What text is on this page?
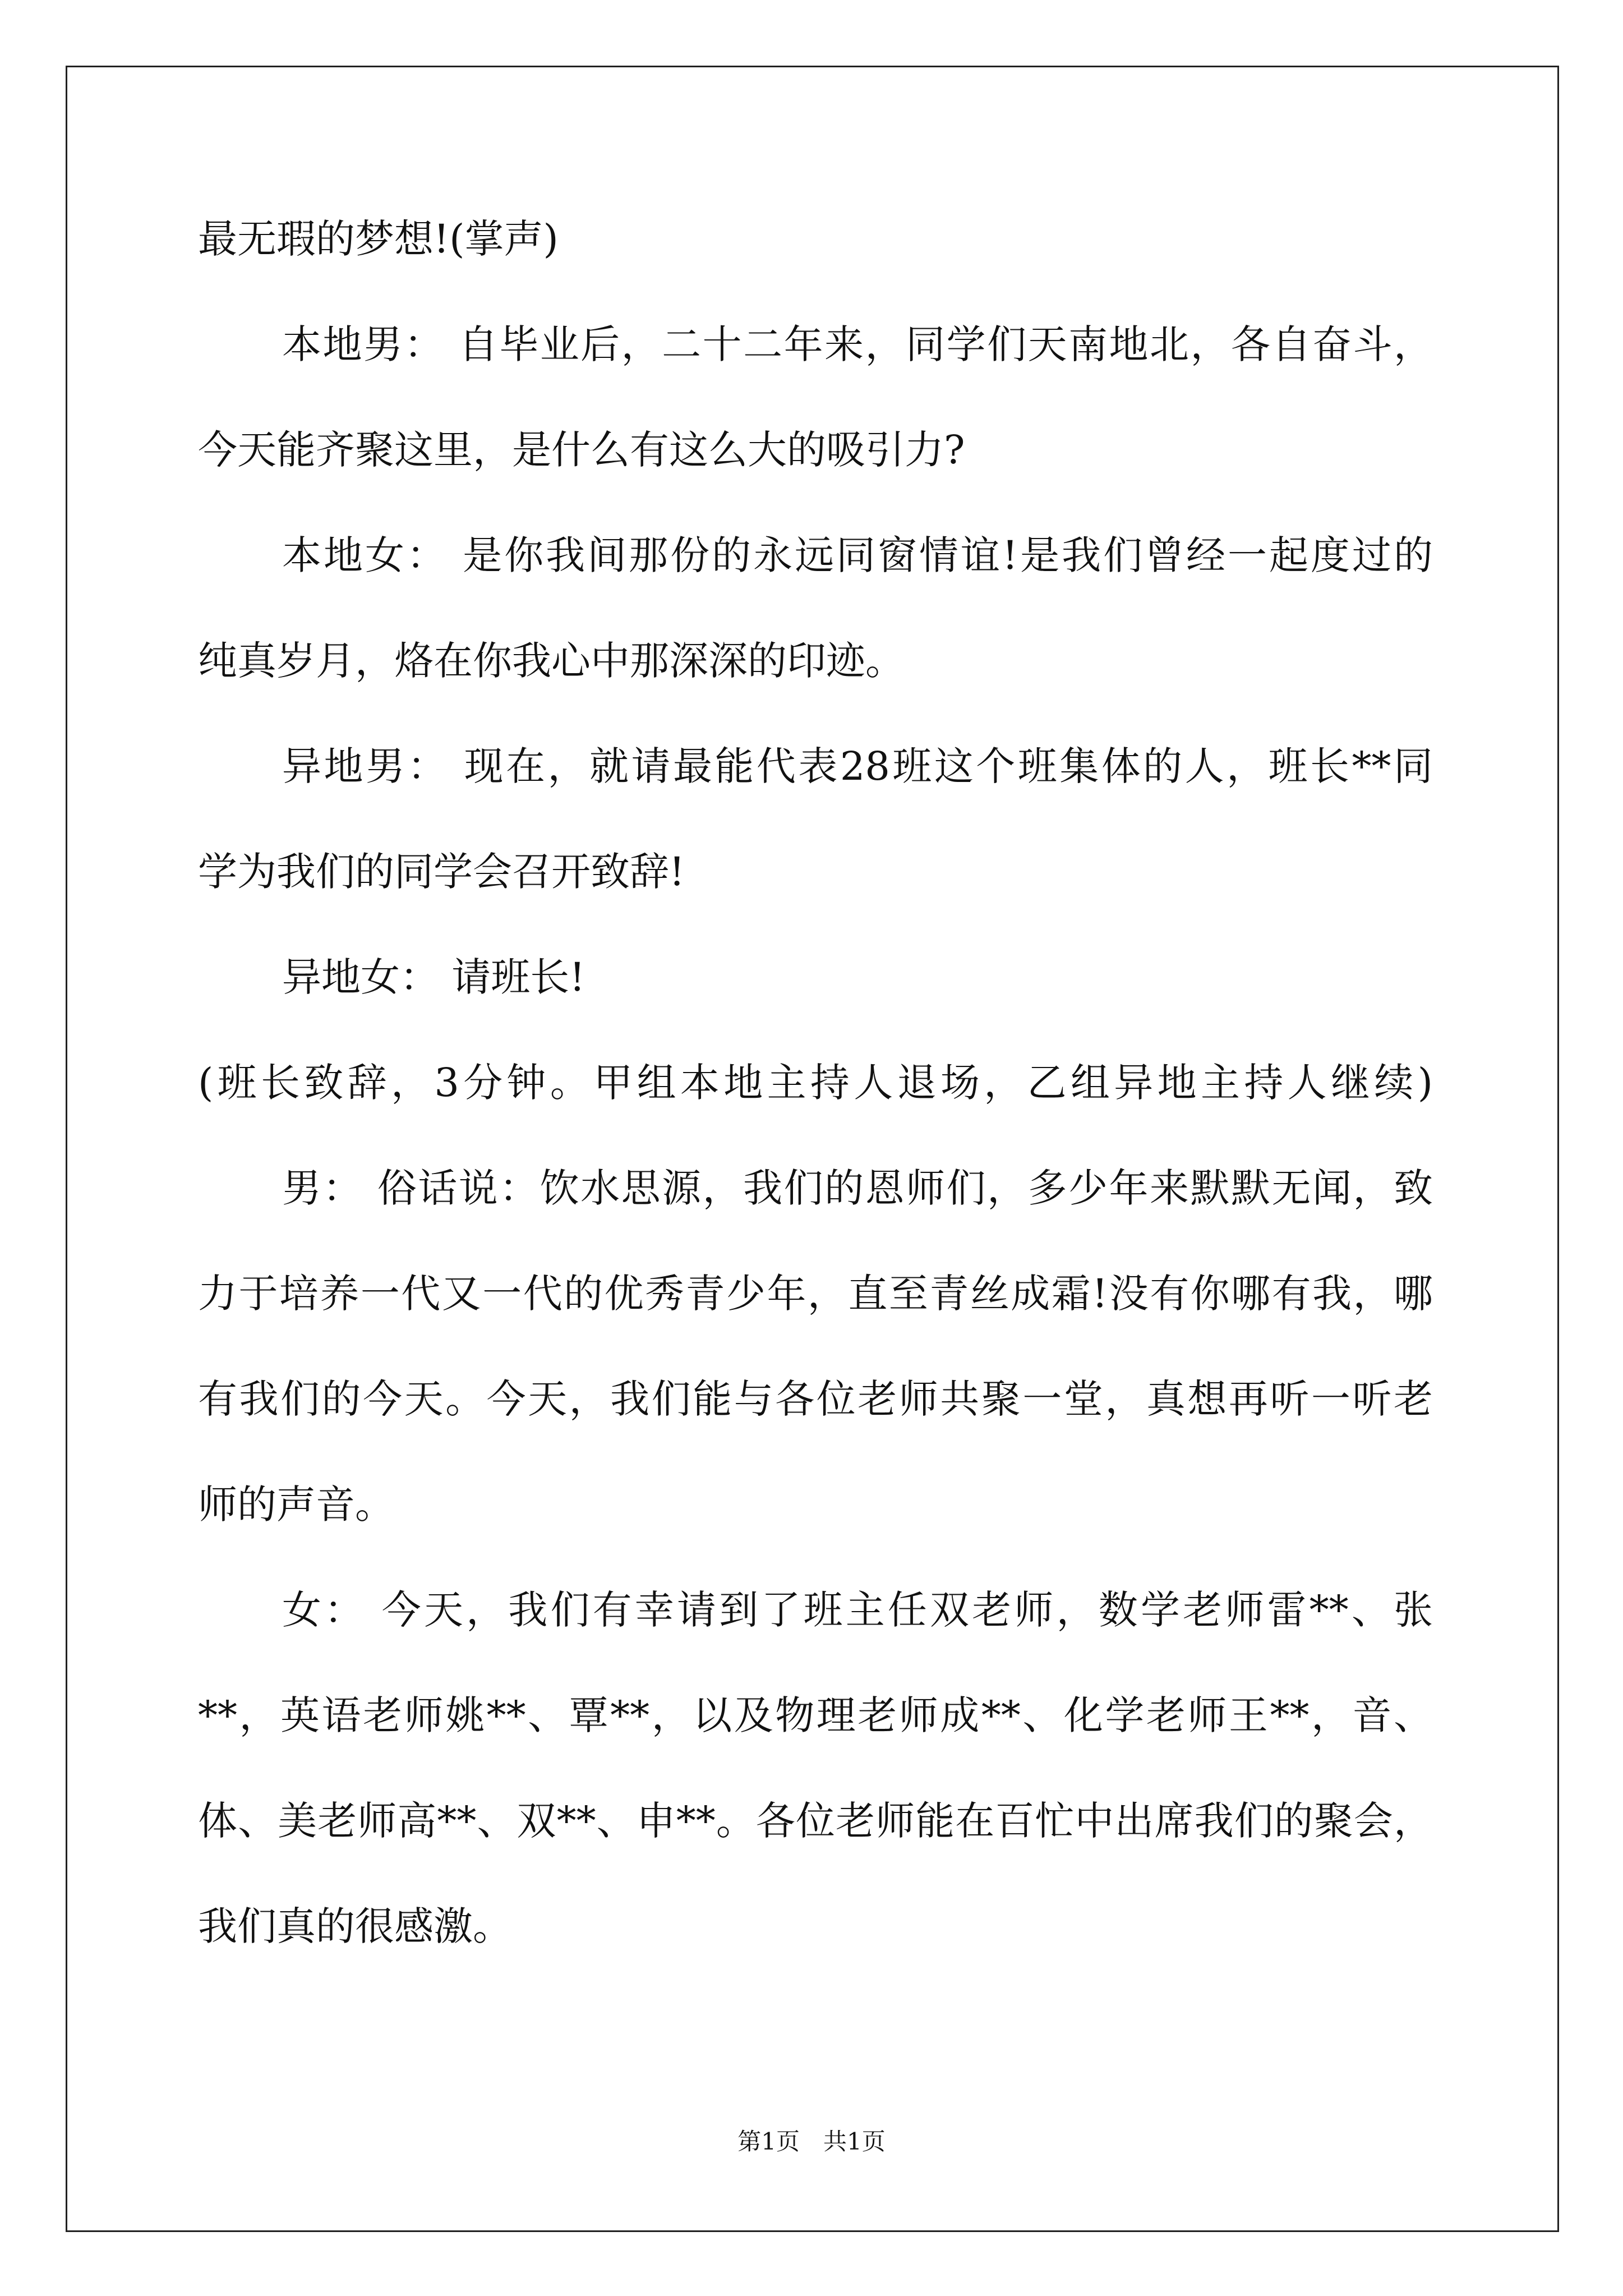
最无瑕的梦想!(掌声)
本地男： 自毕业后，二十二年来，同学们天南地北，各自奋斗，
今天能齐聚这里，是什么有这么大的吸引力?
本地女： 是你我间那份的永远同窗情谊!是我们曾经一起度过的
纯真岁月，烙在你我心中那深深的印迹。
异地男： 现在，就请最能代表28班这个班集体的人，班长**同
学为我们的同学会召开致辞!
异地女： 请班长!
(班长致辞，3分钟。甲组本地主持人退场，乙组异地主持人继续)
男： 俗话说：饮水思源，我们的恩师们，多少年来默默无闻，致
力于培养一代又一代的优秀青少年，直至青丝成霜!没有你哪有我，哪
有我们的今天。今天，我们能与各位老师共聚一堂，真想再听一听老
师的声音。
女： 今天，我们有幸请到了班主任双老师，数学老师雷**、张
**，英语老师姚**、覃**，以及物理老师成**、化学老师王**，音、
体、美老师高**、双**、申**。各位老师能在百忙中出席我们的聚会，
我们真的很感激。
第1页　共1页
